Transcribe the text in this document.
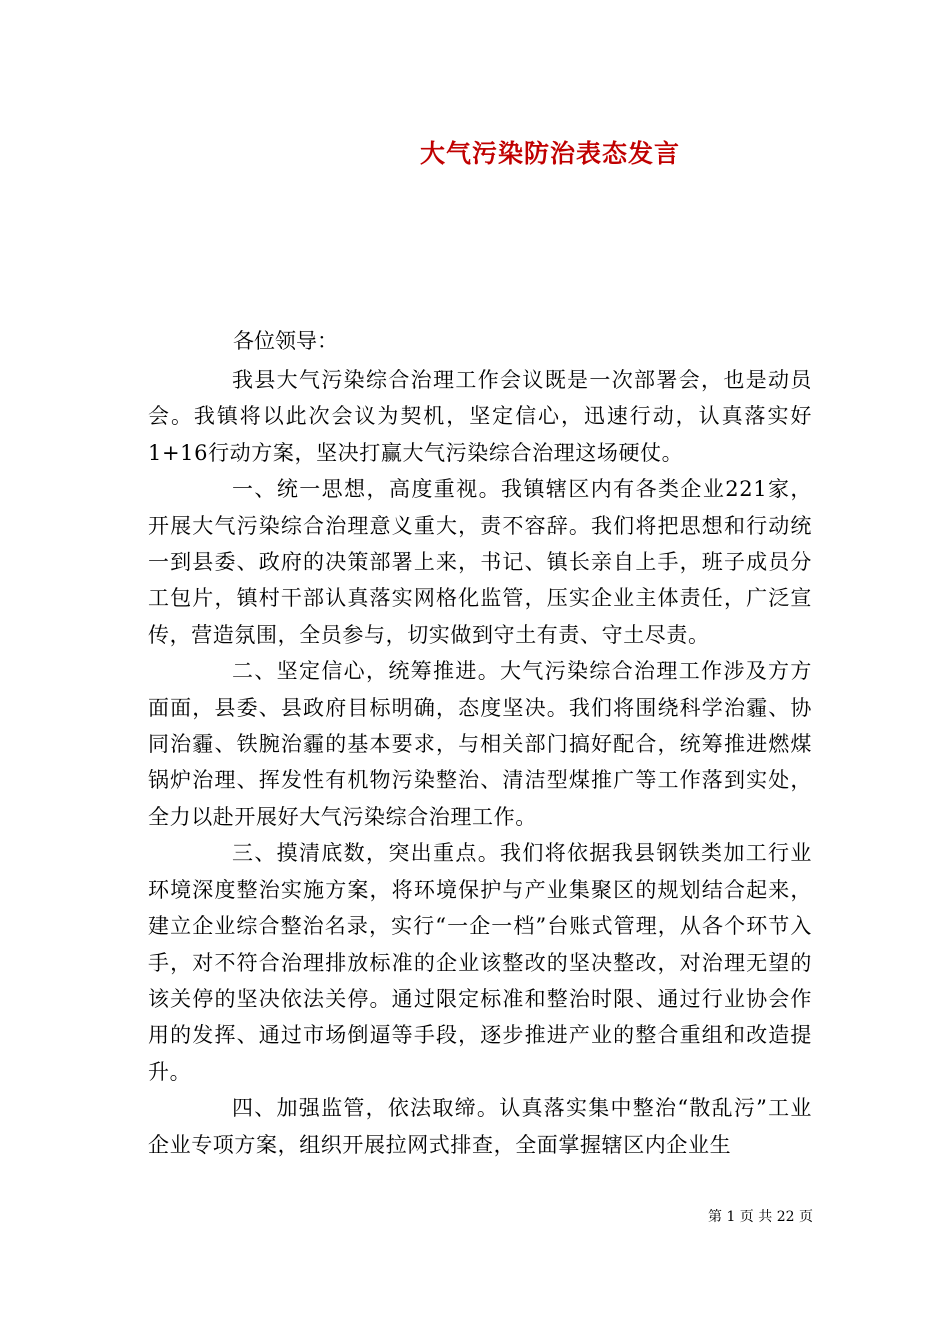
大气污染防治表态发言
各位领导：

我县大气污染综合治理工作会议既是一次部署会，也是动员会。我镇将以此次会议为契机，坚定信心，迅速行动，认真落实好1+16行动方案，坚决打赢大气污染综合治理这场硬仗。

一、统一思想，高度重视。我镇辖区内有各类企业221家，开展大气污染综合治理意义重大，责不容辞。我们将把思想和行动统一到县委、政府的决策部署上来，书记、镇长亲自上手，班子成员分工包片，镇村干部认真落实网格化监管，压实企业主体责任，广泛宣传，营造氛围，全员参与，切实做到守土有责、守土尽责。

二、坚定信心，统筹推进。大气污染综合治理工作涉及方方面面，县委、县政府目标明确，态度坚决。我们将围绕科学治霾、协同治霾、铁腕治霾的基本要求，与相关部门搞好配合，统筹推进燃煤锅炉治理、挥发性有机物污染整治、清洁型煤推广等工作落到实处，全力以赴开展好大气污染综合治理工作。

三、摸清底数，突出重点。我们将依据我县钢铁类加工行业环境深度整治实施方案，将环境保护与产业集聚区的规划结合起来，建立企业综合整治名录，实行“一企一档”台账式管理，从各个环节入手，对不符合治理排放标准的企业该整改的坚决整改，对治理无望的该关停的坚决依法关停。通过限定标准和整治时限、通过行业协会作用的发挥、通过市场倒逼等手段，逐步推进产业的整合重组和改造提升。

四、加强监管，依法取缔。认真落实集中整治“散乱污”工业企业专项方案，组织开展拉网式排查，全面掌握辖区内企业生

第 1 页 共 22 页
